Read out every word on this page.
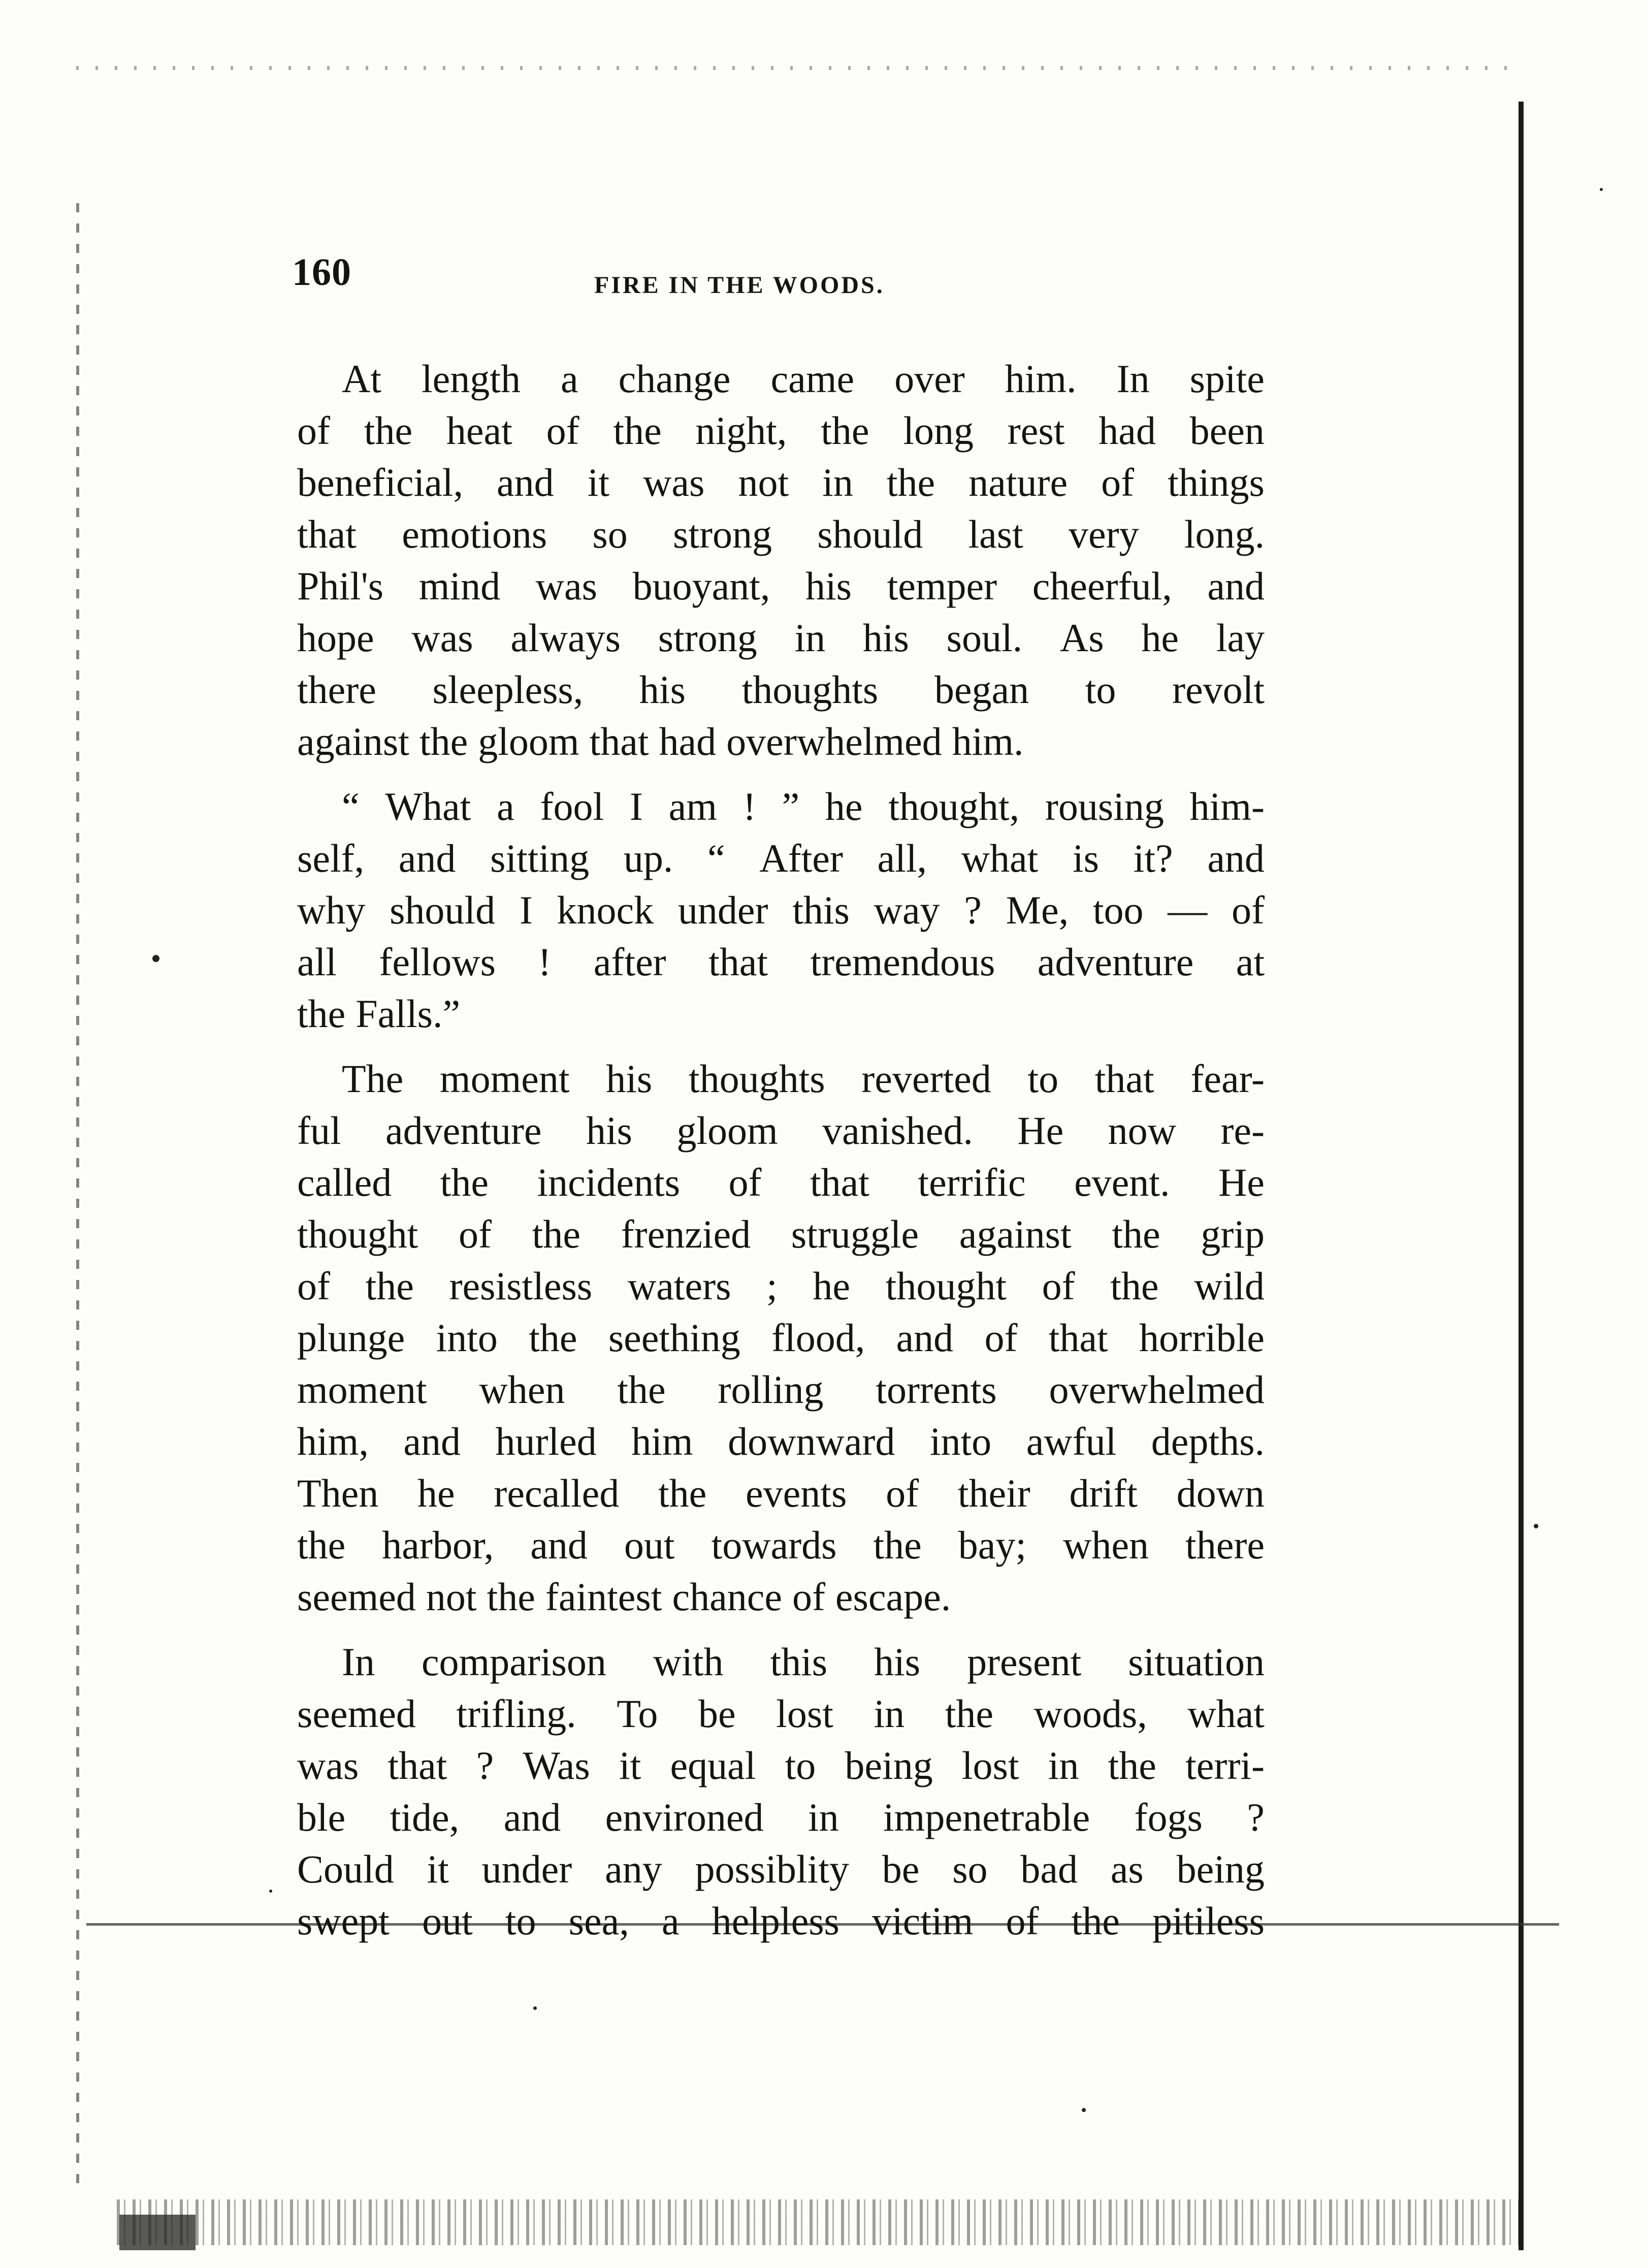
160	FIRE IN THE WOODS.
At length a change came over him. In spite
of the heat of the night, the long rest had been
beneficial, and it was not in the nature of things
that emotions so strong should last very long.
Phil's mind was buoyant, his temper cheerful, and
hope was always strong in his soul. As he lay
there sleepless, his thoughts began to revolt
against the gloom that had overwhelmed him.
“ What a fool I am ! ” he thought, rousing him-
self, and sitting up. “ After all, what is it? and
why should I knock under this way ? Me, too — of
all fellows ! after that tremendous adventure at
the Falls.”
The moment his thoughts reverted to that fear-
ful adventure his gloom vanished. He now re-
called the incidents of that terrific event. He
thought of the frenzied struggle against the grip
of the resistless waters ; he thought of the wild
plunge into the seething flood, and of that horrible
moment when the rolling torrents overwhelmed
him, and hurled him downward into awful depths.
Then he recalled the events of their drift down
the harbor, and out towards the bay; when there
seemed not the faintest chance of escape.
In comparison with this his present situation
seemed trifling. To be lost in the woods, what
was that ? Was it equal to being lost in the terri-
ble tide, and environed in impenetrable fogs ?
Could it under any possiblity be so bad as being
swept out to sea, a helpless victim of the pitiless
